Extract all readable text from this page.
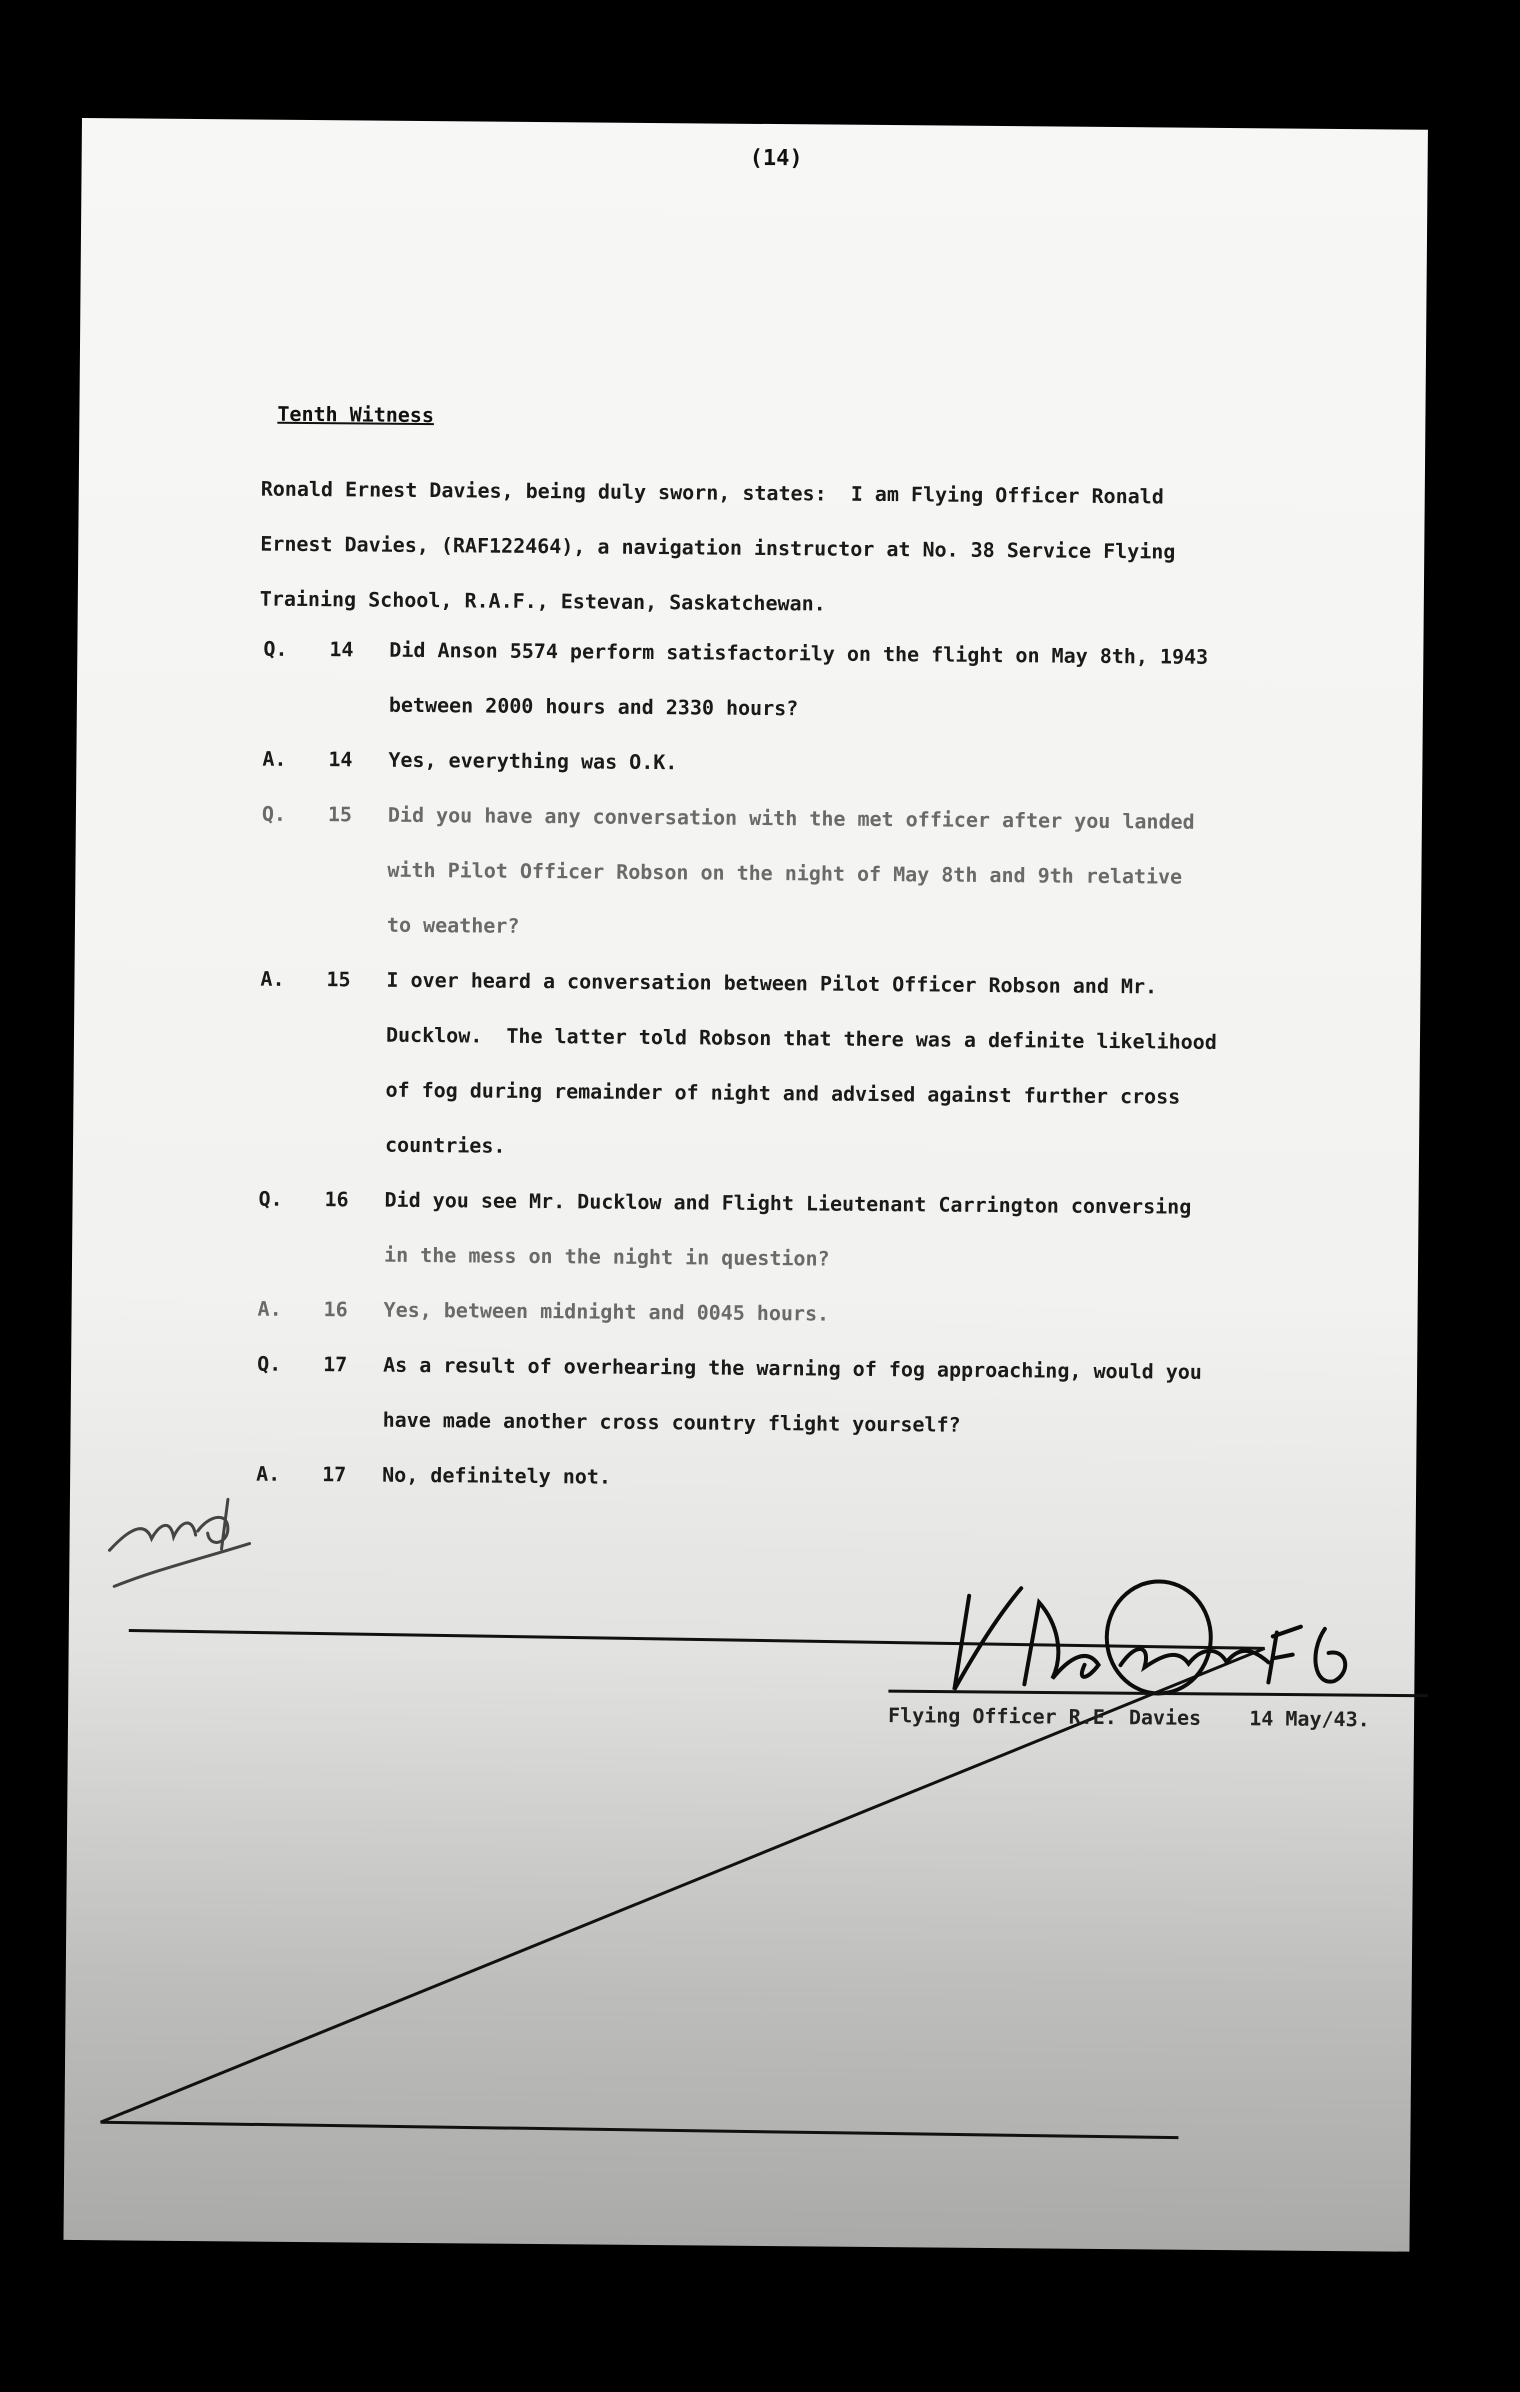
(14)
Tenth Witness

Ronald Ernest Davies, being duly sworn, states:  I am Flying Officer Ronald

Ernest Davies, (RAF122464), a navigation instructor at No. 38 Service Flying

Training School, R.A.F., Estevan, Saskatchewan.

Q. 14 Did Anson 5574 perform satisfactorily on the flight on May 8th, 1943
between 2000 hours and 2330 hours?
A. 14 Yes, everything was O.K.
Q. 15 Did you have any conversation with the met officer after you landed
with Pilot Officer Robson on the night of May 8th and 9th relative
to weather?
A. 15 I over heard a conversation between Pilot Officer Robson and Mr.
Ducklow.  The latter told Robson that there was a definite likelihood
of fog during remainder of night and advised against further cross
countries.
Q. 16 Did you see Mr. Ducklow and Flight Lieutenant Carrington conversing
in the mess on the night in question?
A. 16 Yes, between midnight and 0045 hours.
Q. 17 As a result of overhearing the warning of fog approaching, would you
have made another cross country flight yourself?
A. 17 No, definitely not.
Flying Officer R.E. Davies    14 May/43.
